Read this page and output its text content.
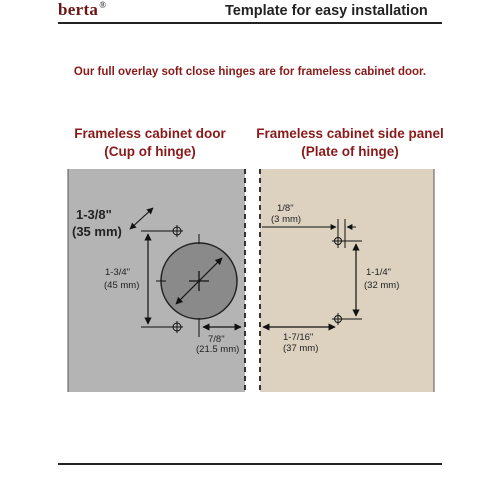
berta®	Template for easy installation
Our full overlay soft close hinges are for frameless cabinet door.
Frameless cabinet door
(Cup of hinge)
Frameless cabinet side panel
(Plate of hinge)
1-3/8"
(35 mm)
1-3/4"
(45 mm)
7/8"
(21.5 mm)
1/8"
(3 mm)
1-1/4"
(32 mm)
1-7/16"
(37 mm)
